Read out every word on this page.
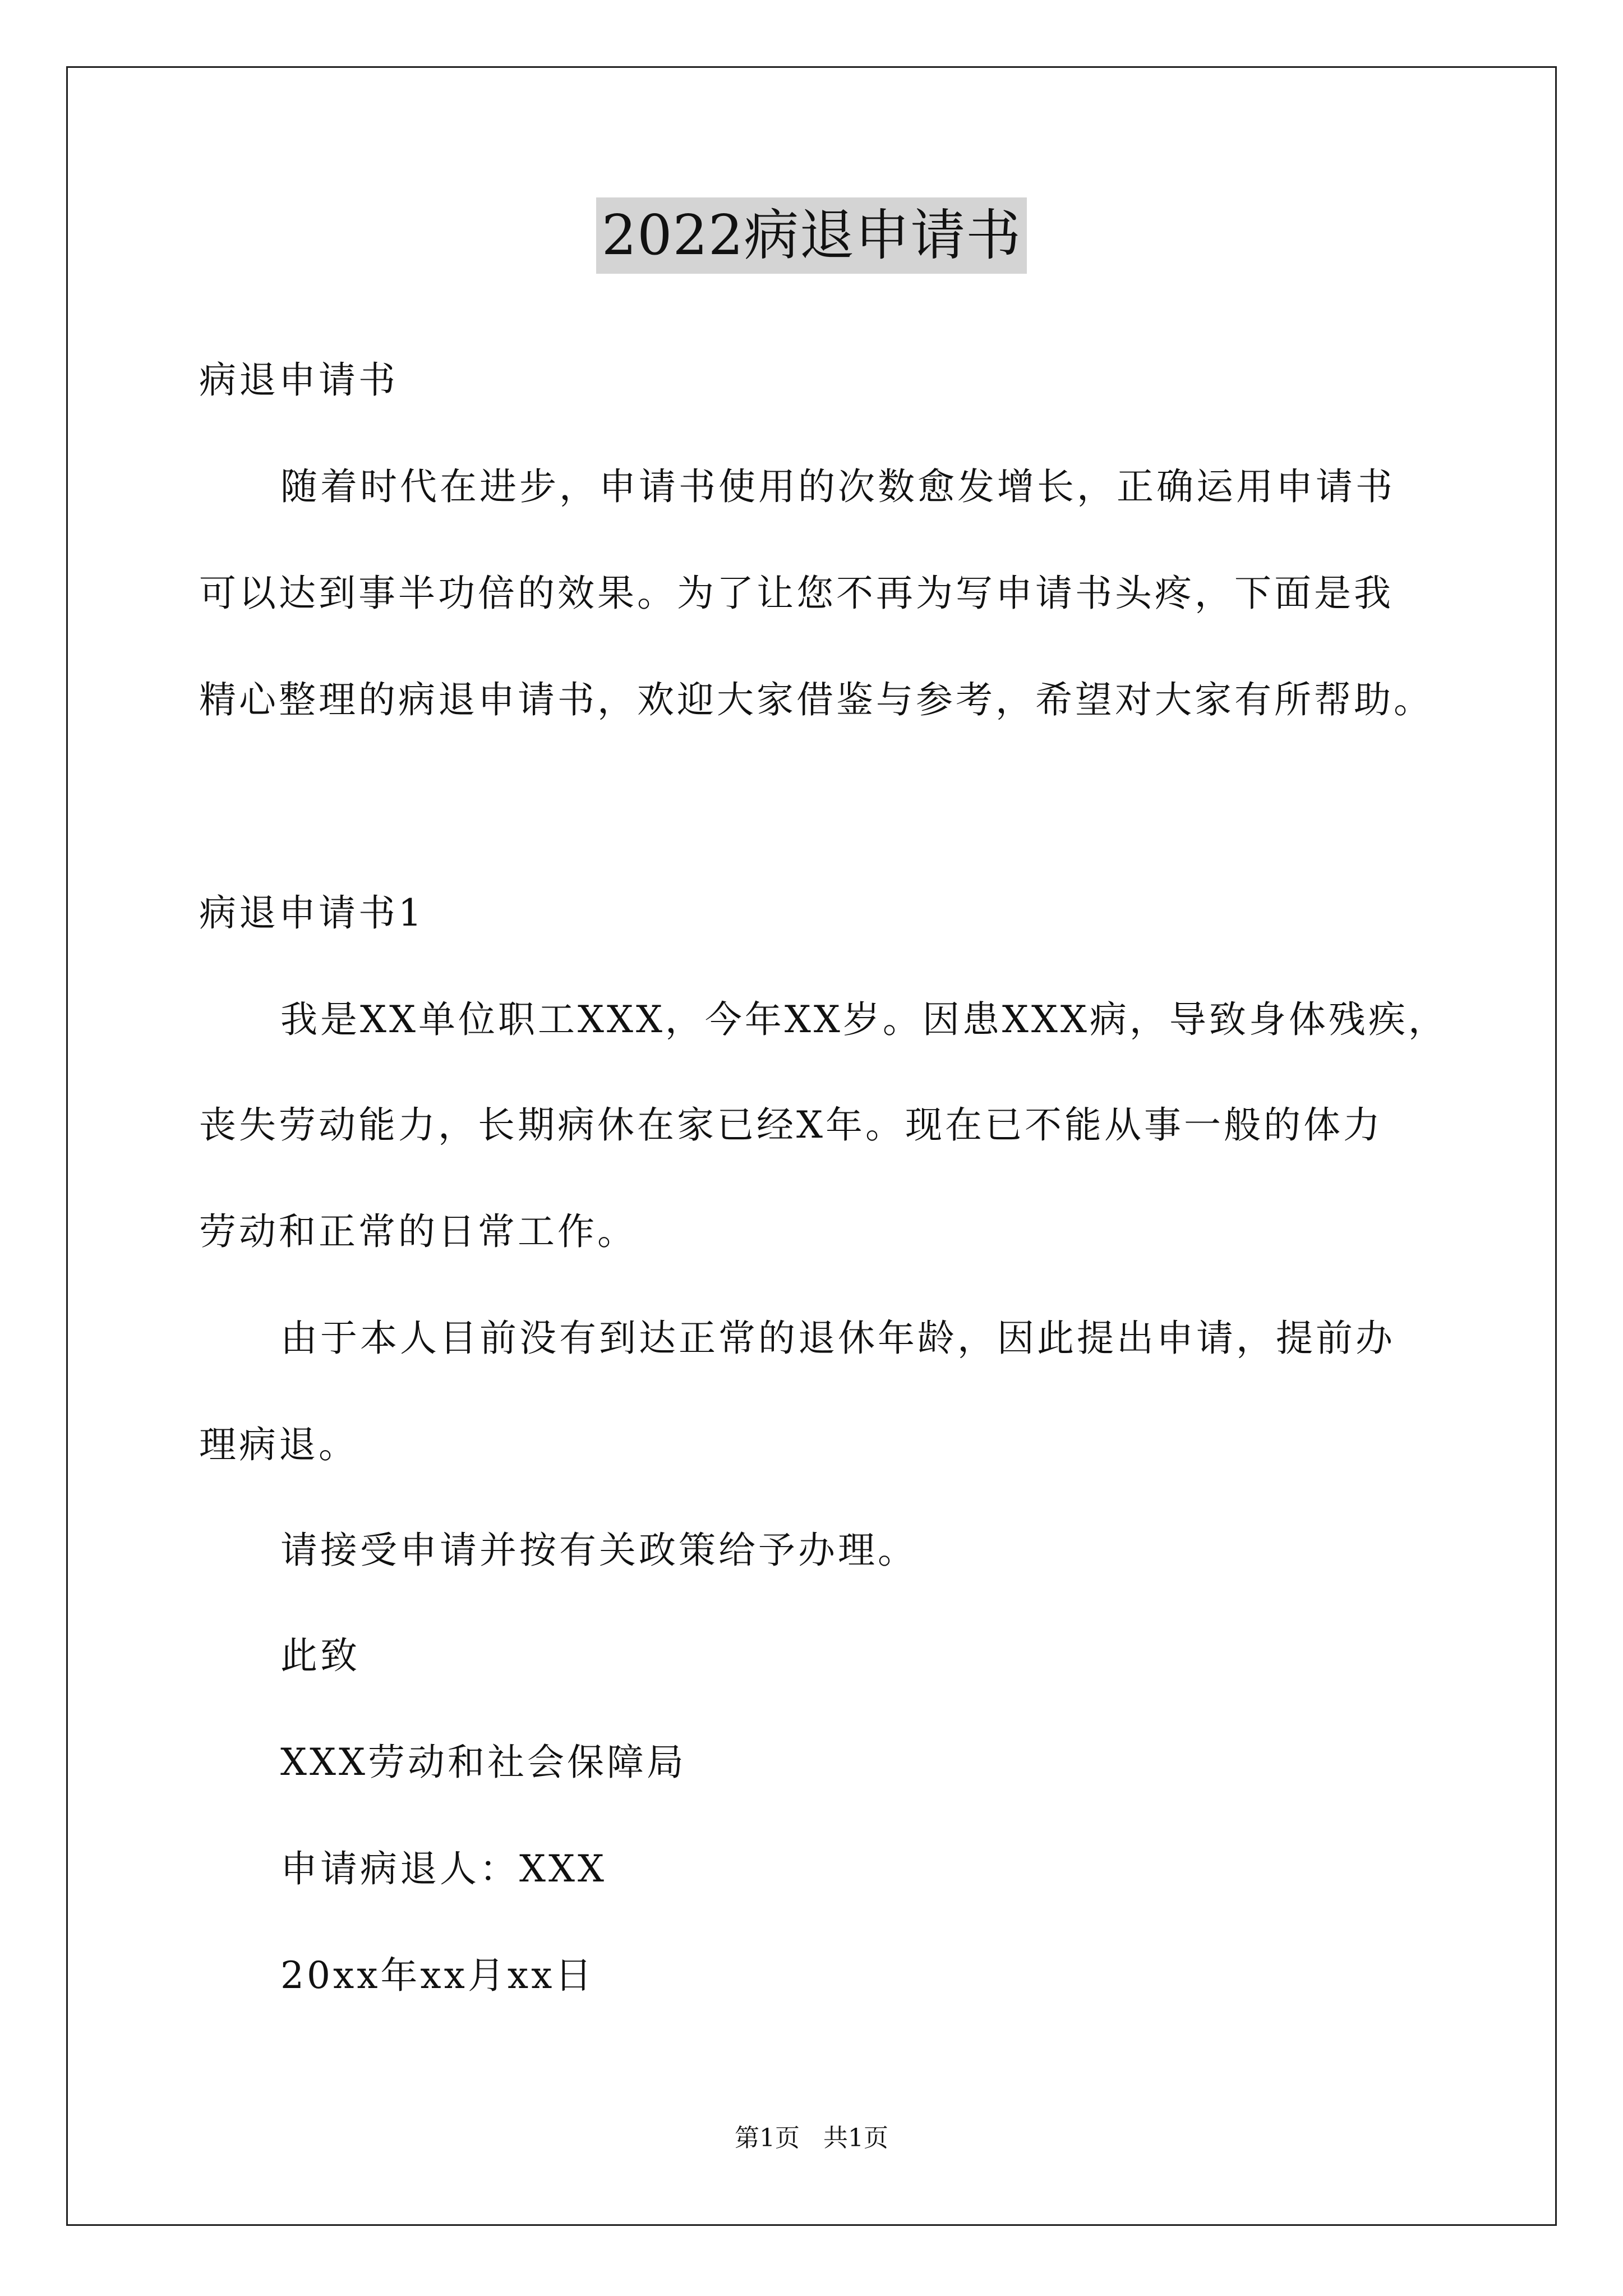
2022病退申请书
病退申请书
随着时代在进步，申请书使用的次数愈发增长，正确运用申请书
可以达到事半功倍的效果。为了让您不再为写申请书头疼，下面是我
精心整理的病退申请书，欢迎大家借鉴与参考，希望对大家有所帮助。
病退申请书1
我是XX单位职工XXX，今年XX岁。因患XXX病，导致身体残疾，
丧失劳动能力，长期病休在家已经X年。现在已不能从事一般的体力
劳动和正常的日常工作。
由于本人目前没有到达正常的退休年龄，因此提出申请，提前办
理病退。
请接受申请并按有关政策给予办理。
此致
XXX劳动和社会保障局
申请病退人：XXX
20xx年xx月xx日
第1页   共1页
